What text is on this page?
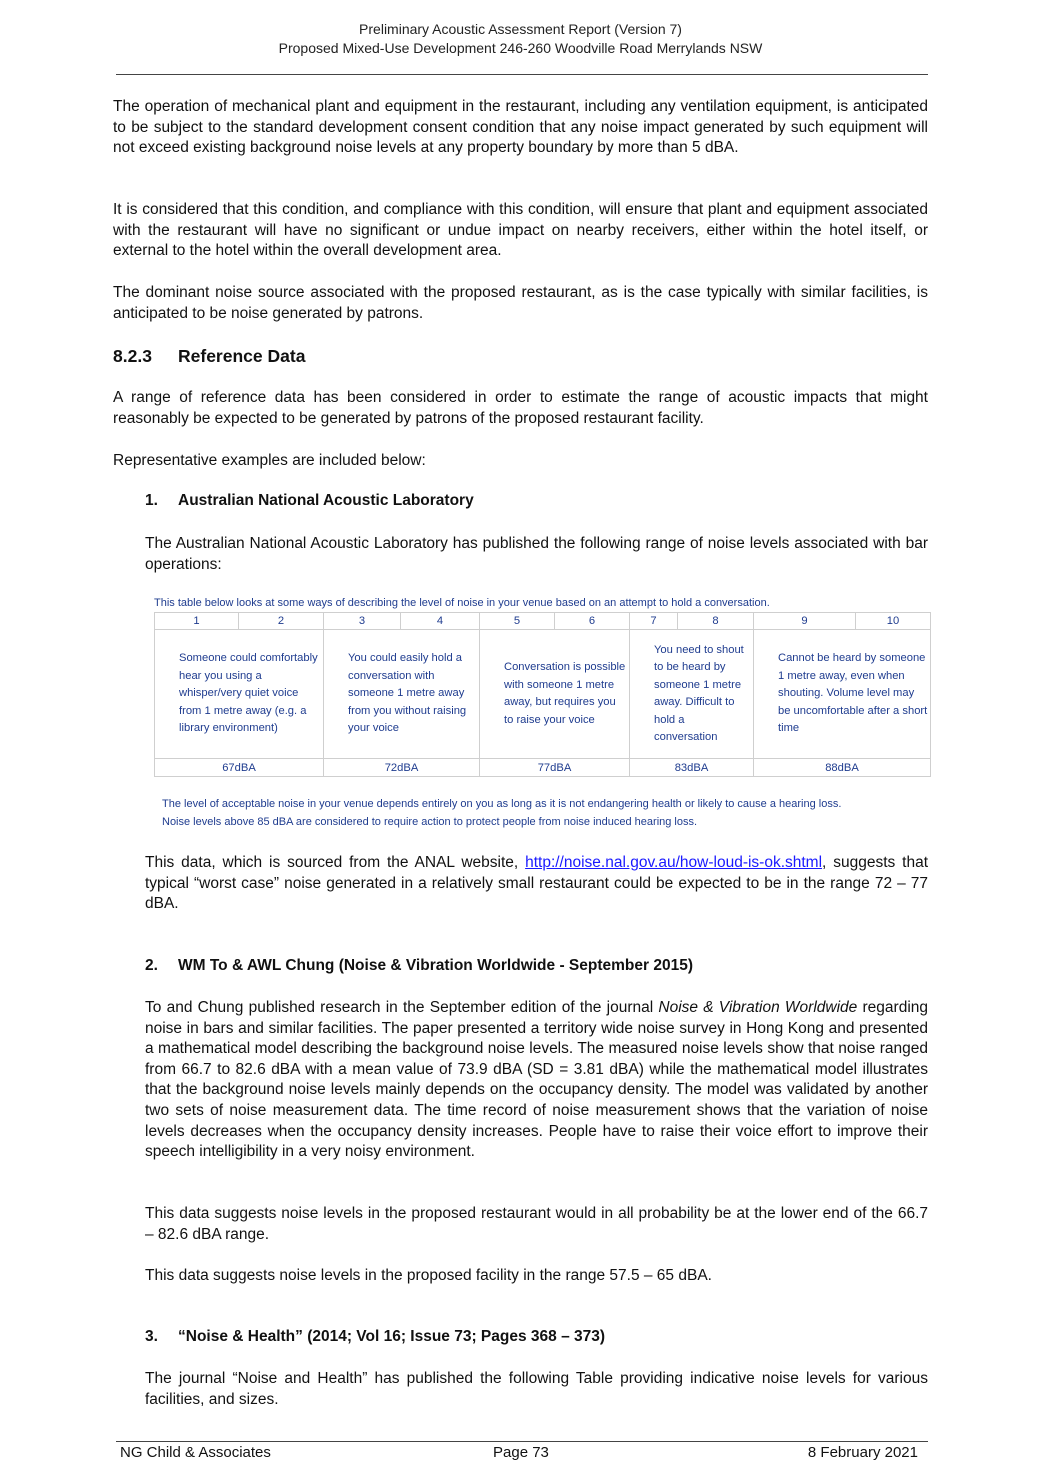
Preliminary Acoustic Assessment Report (Version 7)
Proposed Mixed-Use Development 246-260 Woodville Road Merrylands NSW

The operation of mechanical plant and equipment in the restaurant, including any ventilation equipment, is anticipated to be subject to the standard development consent condition that any noise impact generated by such equipment will not exceed existing background noise levels at any property boundary by more than 5 dBA.

It is considered that this condition, and compliance with this condition, will ensure that plant and equipment associated with the restaurant will have no significant or undue impact on nearby receivers, either within the hotel itself, or external to the hotel within the overall development area.

The dominant noise source associated with the proposed restaurant, as is the case typically with similar facilities, is anticipated to be noise generated by patrons.

8.2.3 Reference Data

A range of reference data has been considered in order to estimate the range of acoustic impacts that might reasonably be expected to be generated by patrons of the proposed restaurant facility.

Representative examples are included below:

1. Australian National Acoustic Laboratory

The Australian National Acoustic Laboratory has published the following range of noise levels associated with bar operations:

This table below looks at some ways of describing the level of noise in your venue based on an attempt to hold a conversation.
1	2	3	4	5	6	7	8	9	10
Someone could comfortably hear you using a whisper/very quiet voice from 1 metre away (e.g. a library environment)		You could easily hold a conversation with someone 1 metre away from you without raising your voice		Conversation is possible with someone 1 metre away, but requires you to raise your voice		You need to shout to be heard by someone 1 metre away. Difficult to hold a conversation		Cannot be heard by someone 1 metre away, even when shouting. Volume level may be uncomfortable after a short time	
67dBA		72dBA		77dBA		83dBA		88dBA	
The level of acceptable noise in your venue depends entirely on you as long as it is not endangering health or likely to cause a hearing loss.
Noise levels above 85 dBA are considered to require action to protect people from noise induced hearing loss.

This data, which is sourced from the ANAL website, http://noise.nal.gov.au/how-loud-is-ok.shtml, suggests that typical “worst case” noise generated in a relatively small restaurant could be expected to be in the range 72 – 77 dBA.

2. WM To & AWL Chung (Noise & Vibration Worldwide - September 2015)

To and Chung published research in the September edition of the journal Noise & Vibration Worldwide regarding noise in bars and similar facilities. The paper presented a territory wide noise survey in Hong Kong and presented a mathematical model describing the background noise levels. The measured noise levels show that noise ranged from 66.7 to 82.6 dBA with a mean value of 73.9 dBA (SD = 3.81 dBA) while the mathematical model illustrates that the background noise levels mainly depends on the occupancy density. The model was validated by another two sets of noise measurement data. The time record of noise measurement shows that the variation of noise levels decreases when the occupancy density increases. People have to raise their voice effort to improve their speech intelligibility in a very noisy environment.

This data suggests noise levels in the proposed restaurant would in all probability be at the lower end of the 66.7 – 82.6 dBA range.

This data suggests noise levels in the proposed facility in the range 57.5 – 65 dBA.

3. “Noise & Health” (2014; Vol 16; Issue 73; Pages 368 – 373)

The journal “Noise and Health” has published the following Table providing indicative noise levels for various facilities, and sizes.

NG Child & Associates	Page 73	8 February 2021
